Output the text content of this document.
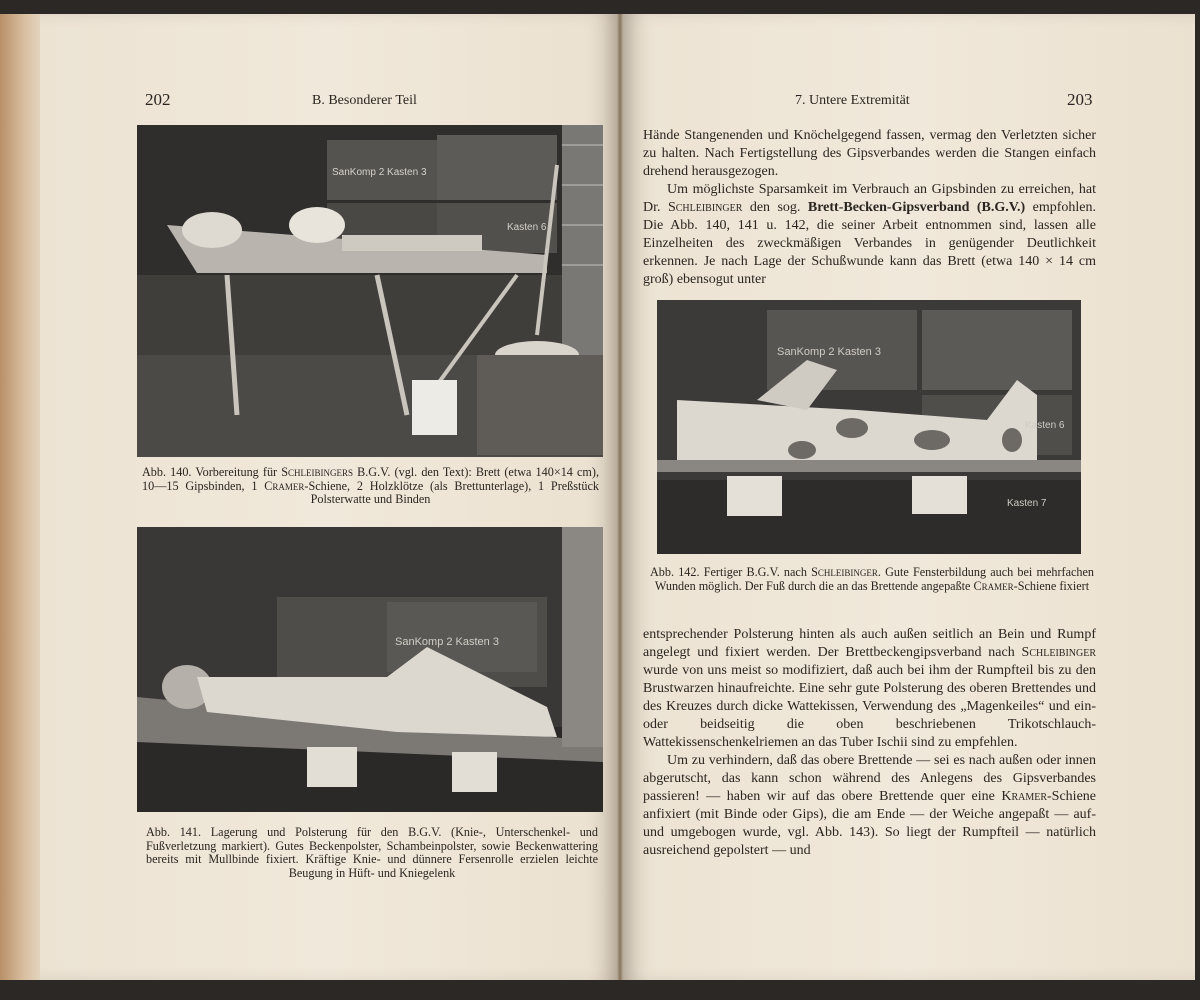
202	B. Besonderer Teil
SanKomp 2 Kasten 3
Kasten 6
Abb. 140. Vorbereitung für Schleibingers B.G.V. (vgl. den Text): Brett (etwa 140×14 cm), 10—15 Gipsbinden, 1 Cramer-Schiene, 2 Holzklötze (als Brettunterlage), 1 Preßstück Polsterwatte und Binden
SanKomp 2 Kasten 3
Abb. 141. Lagerung und Polsterung für den B.G.V. (Knie-, Unterschenkel- und Fußverletzung markiert). Gutes Beckenpolster, Schambeinpolster, sowie Beckenwattering bereits mit Mullbinde fixiert. Kräftige Knie- und dünnere Fersenrolle erzielen leichte Beugung in Hüft- und Kniegelenk
7. Untere Extremität	203

Hände Stangenenden und Knöchelgegend fassen, vermag den Verletzten sicher zu halten. Nach Fertigstellung des Gipsverbandes werden die Stangen einfach drehend herausgezogen.

Um möglichste Sparsamkeit im Verbrauch an Gipsbinden zu erreichen, hat Dr. Schleibinger den sog. Brett-Becken-Gipsverband (B.G.V.) empfohlen. Die Abb. 140, 141 u. 142, die seiner Arbeit entnommen sind, lassen alle Einzelheiten des zweckmäßigen Verbandes in genügender Deutlichkeit erkennen. Je nach Lage der Schußwunde kann das Brett (etwa 140 × 14 cm groß) ebensogut unter

SanKomp 2 Kasten 3
Kasten 6
Kasten 7
Abb. 142. Fertiger B.G.V. nach Schleibinger. Gute Fensterbildung auch bei mehrfachen Wunden möglich. Der Fuß durch die an das Brettende angepaßte Cramer-Schiene fixiert

entsprechender Polsterung hinten als auch außen seitlich an Bein und Rumpf angelegt und fixiert werden. Der Brettbeckengipsverband nach Schleibinger wurde von uns meist so modifiziert, daß auch bei ihm der Rumpfteil bis zu den Brustwarzen hinaufreichte. Eine sehr gute Polsterung des oberen Brettendes und des Kreuzes durch dicke Wattekissen, Verwendung des „Magenkeiles“ und ein- oder beidseitig die oben beschriebenen Trikotschlauch-Wattekissenschenkelriemen an das Tuber Ischii sind zu empfehlen.

Um zu verhindern, daß das obere Brettende — sei es nach außen oder innen abgerutscht, das kann schon während des Anlegens des Gipsverbandes passieren! — haben wir auf das obere Brettende quer eine Kramer-Schiene anfixiert (mit Binde oder Gips), die am Ende — der Weiche angepaßt — auf- und umgebogen wurde, vgl. Abb. 143). So liegt der Rumpfteil — natürlich ausreichend gepolstert — und
